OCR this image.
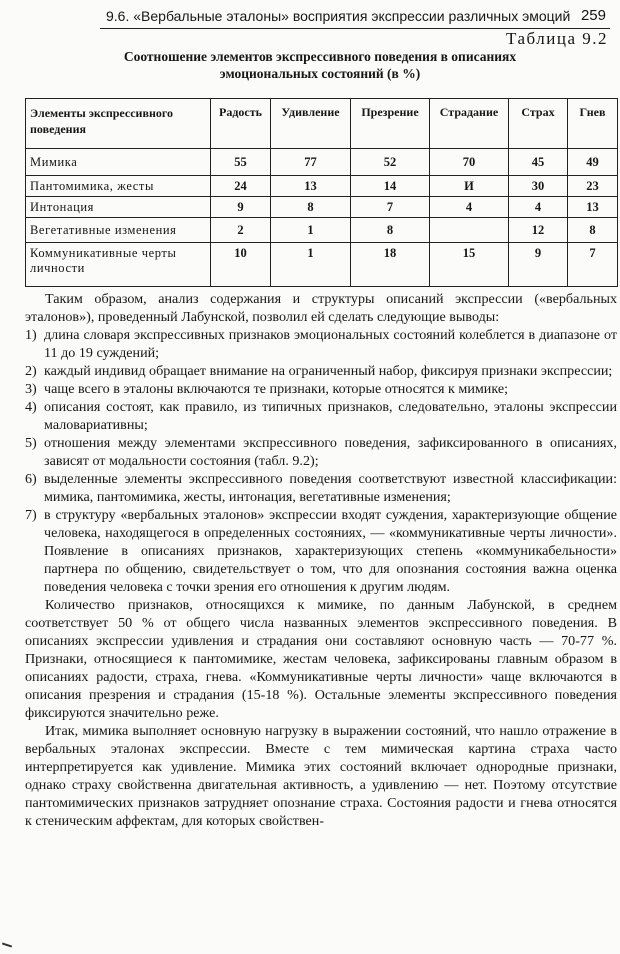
9.6. «Вербальные эталоны» восприятия экспрессии различных эмоций 259
Таблица 9.2
Соотношение элементов экспрессивного поведения в описаниях эмоциональных состояний (в %)
Элементы экспрессивного поведения	Радость	Удивление	Презрение	Страдание	Страх	Гнев
Мимика	55	77	52	70	45	49
Пантомимика, жесты	24	13	14	И	30	23
Интонация	9	8	7	4	4	13
Вегетативные изменения	2	1	8		12	8
Коммуникативные черты личности	10	1	18	15	9	7

Таким образом, анализ содержания и структуры описаний экспрессии («вербальных эталонов»), проведенный Лабунской, позволил ей сделать следующие выводы:

1) длина словаря экспрессивных признаков эмоциональных состояний колеблется в диапазоне от 11 до 19 суждений;
2) каждый индивид обращает внимание на ограниченный набор, фиксируя признаки экспрессии;
3) чаще всего в эталоны включаются те признаки, которые относятся к мимике;
4) описания состоят, как правило, из типичных признаков, следовательно, эталоны экспрессии маловариативны;
5) отношения между элементами экспрессивного поведения, зафиксированного в описаниях, зависят от модальности состояния (табл. 9.2);
6) выделенные элементы экспрессивного поведения соответствуют известной классификации: мимика, пантомимика, жесты, интонация, вегетативные изменения;
7) в структуру «вербальных эталонов» экспрессии входят суждения, характеризующие общение человека, находящегося в определенных состояниях, — «коммуникативные черты личности». Появление в описаниях признаков, характеризующих степень «коммуникабельности» партнера по общению, свидетельствует о том, что для опознания состояния важна оценка поведения человека с точки зрения его отношения к другим людям.

Количество признаков, относящихся к мимике, по данным Лабунской, в среднем соответствует 50 % от общего числа названных элементов экспрессивного поведения. В описаниях экспрессии удивления и страдания они составляют основную часть — 70-77 %. Признаки, относящиеся к пантомимике, жестам человека, зафиксированы главным образом в описаниях радости, страха, гнева. «Коммуникативные черты личности» чаще включаются в описания презрения и страдания (15-18 %). Остальные элементы экспрессивного поведения фиксируются значительно реже.

Итак, мимика выполняет основную нагрузку в выражении состояний, что нашло отражение в вербальных эталонах экспрессии. Вместе с тем мимическая картина страха часто интерпретируется как удивление. Мимика этих состояний включает однородные признаки, однако страху свойственна двигательная активность, а удивлению — нет. Поэтому отсутствие пантомимических признаков затрудняет опознание страха. Состояния радости и гнева относятся к стеническим аффектам, для которых свойствен-
